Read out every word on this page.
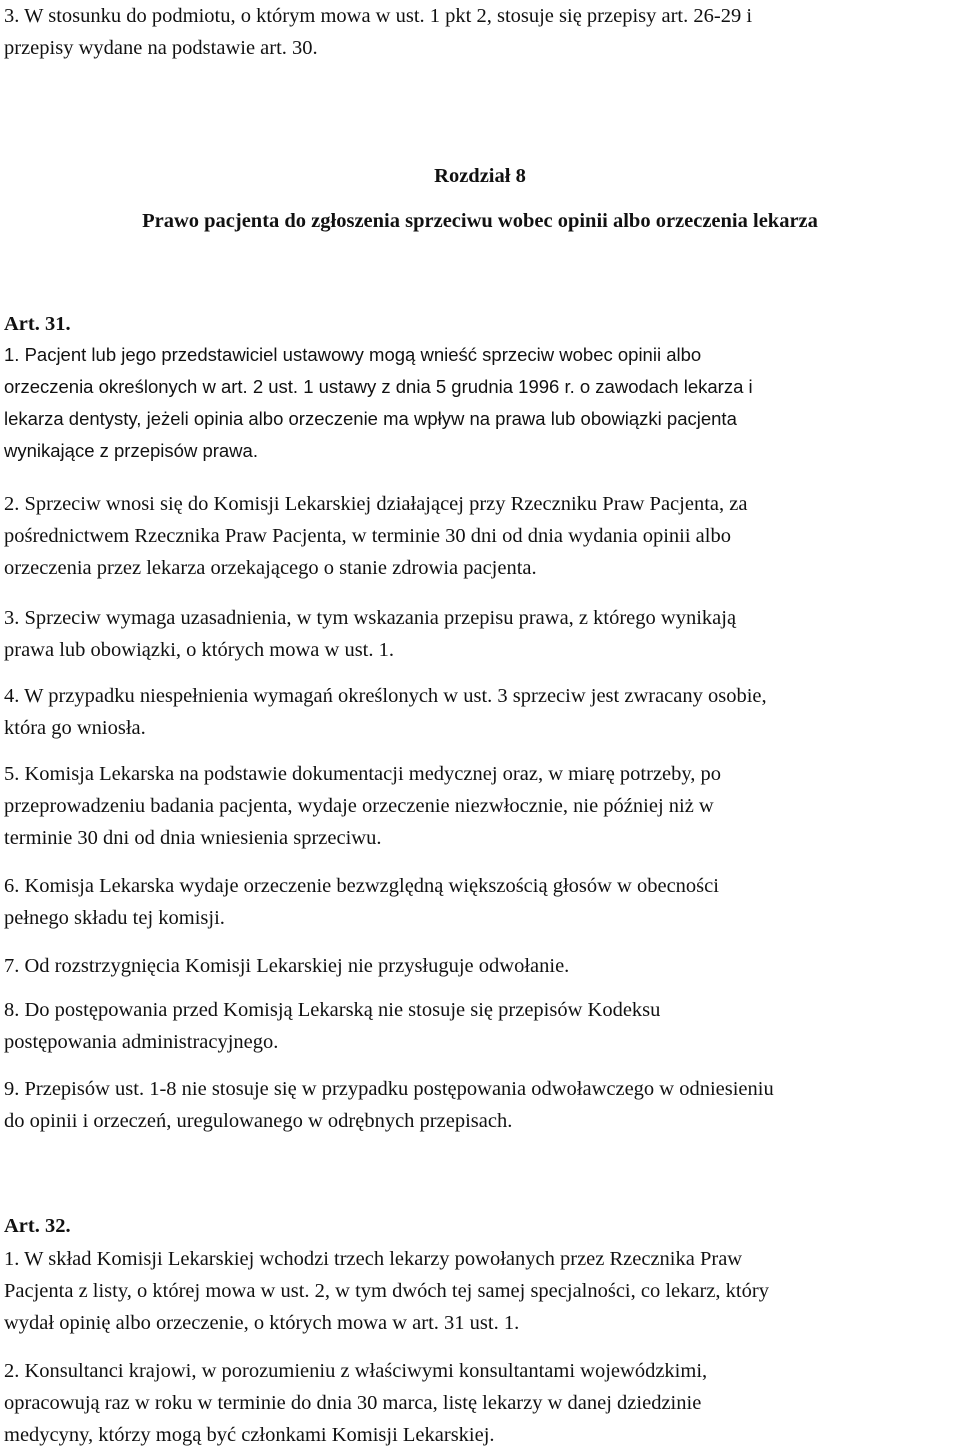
3. W stosunku do podmiotu, o którym mowa w ust. 1 pkt 2, stosuje się przepisy art. 26-29 i

przepisy wydane na podstawie art. 30.

Rozdział 8

Prawo pacjenta do zgłoszenia sprzeciwu wobec opinii albo orzeczenia lekarza

Art. 31.

1. Pacjent lub jego przedstawiciel ustawowy mogą wnieść sprzeciw wobec opinii albo

orzeczenia określonych w art. 2 ust. 1 ustawy z dnia 5 grudnia 1996 r. o zawodach lekarza i

lekarza dentysty, jeżeli opinia albo orzeczenie ma wpływ na prawa lub obowiązki pacjenta

wynikające z przepisów prawa.

2. Sprzeciw wnosi się do Komisji Lekarskiej działającej przy Rzeczniku Praw Pacjenta, za

pośrednictwem Rzecznika Praw Pacjenta, w terminie 30 dni od dnia wydania opinii albo

orzeczenia przez lekarza orzekającego o stanie zdrowia pacjenta.

3. Sprzeciw wymaga uzasadnienia, w tym wskazania przepisu prawa, z którego wynikają

prawa lub obowiązki, o których mowa w ust. 1.

4. W przypadku niespełnienia wymagań określonych w ust. 3 sprzeciw jest zwracany osobie,

która go wniosła.

5. Komisja Lekarska na podstawie dokumentacji medycznej oraz, w miarę potrzeby, po

przeprowadzeniu badania pacjenta, wydaje orzeczenie niezwłocznie, nie później niż w

terminie 30 dni od dnia wniesienia sprzeciwu.

6. Komisja Lekarska wydaje orzeczenie bezwzględną większością głosów w obecności

pełnego składu tej komisji.

7. Od rozstrzygnięcia Komisji Lekarskiej nie przysługuje odwołanie.

8. Do postępowania przed Komisją Lekarską nie stosuje się przepisów Kodeksu

postępowania administracyjnego.

9. Przepisów ust. 1-8 nie stosuje się w przypadku postępowania odwoławczego w odniesieniu

do opinii i orzeczeń, uregulowanego w odrębnych przepisach.

Art. 32.

1. W skład Komisji Lekarskiej wchodzi trzech lekarzy powołanych przez Rzecznika Praw

Pacjenta z listy, o której mowa w ust. 2, w tym dwóch tej samej specjalności, co lekarz, który

wydał opinię albo orzeczenie, o których mowa w art. 31 ust. 1.

2. Konsultanci krajowi, w porozumieniu z właściwymi konsultantami wojewódzkimi,

opracowują raz w roku w terminie do dnia 30 marca, listę lekarzy w danej dziedzinie

medycyny, którzy mogą być członkami Komisji Lekarskiej.
